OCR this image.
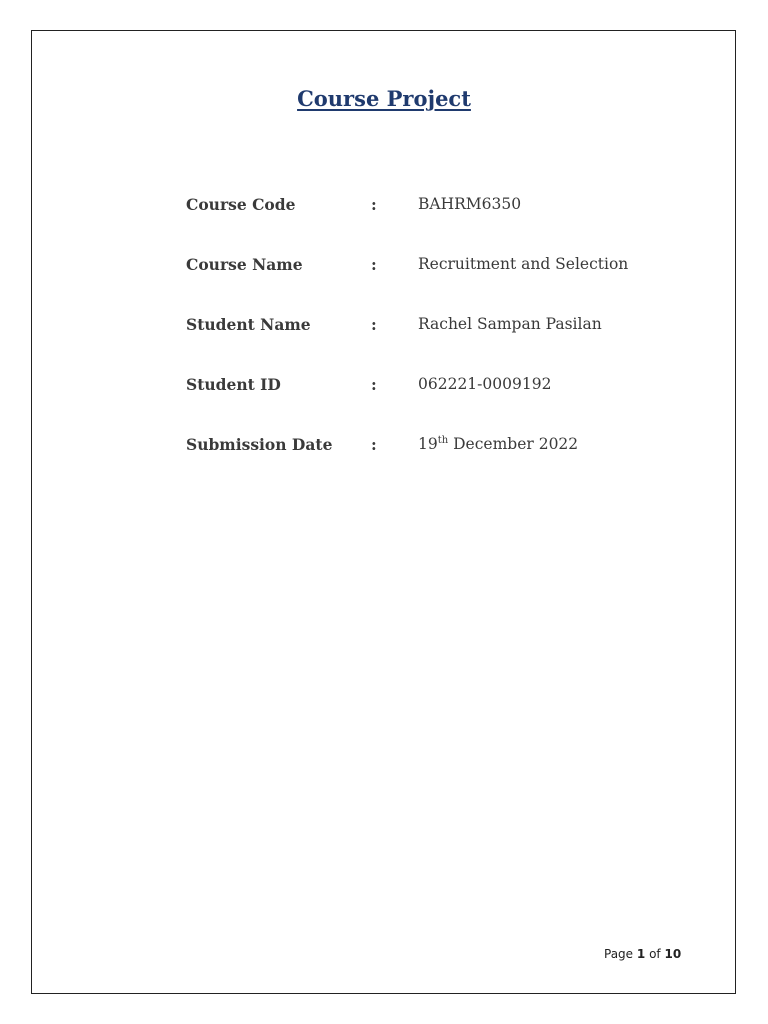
Course Project
Course Code	:	BAHRM6350
Course Name	:	Recruitment and Selection
Student Name	:	Rachel Sampan Pasilan
Student ID	:	062221-0009192
Submission Date :	19th December 2022
Page 1 of 10
